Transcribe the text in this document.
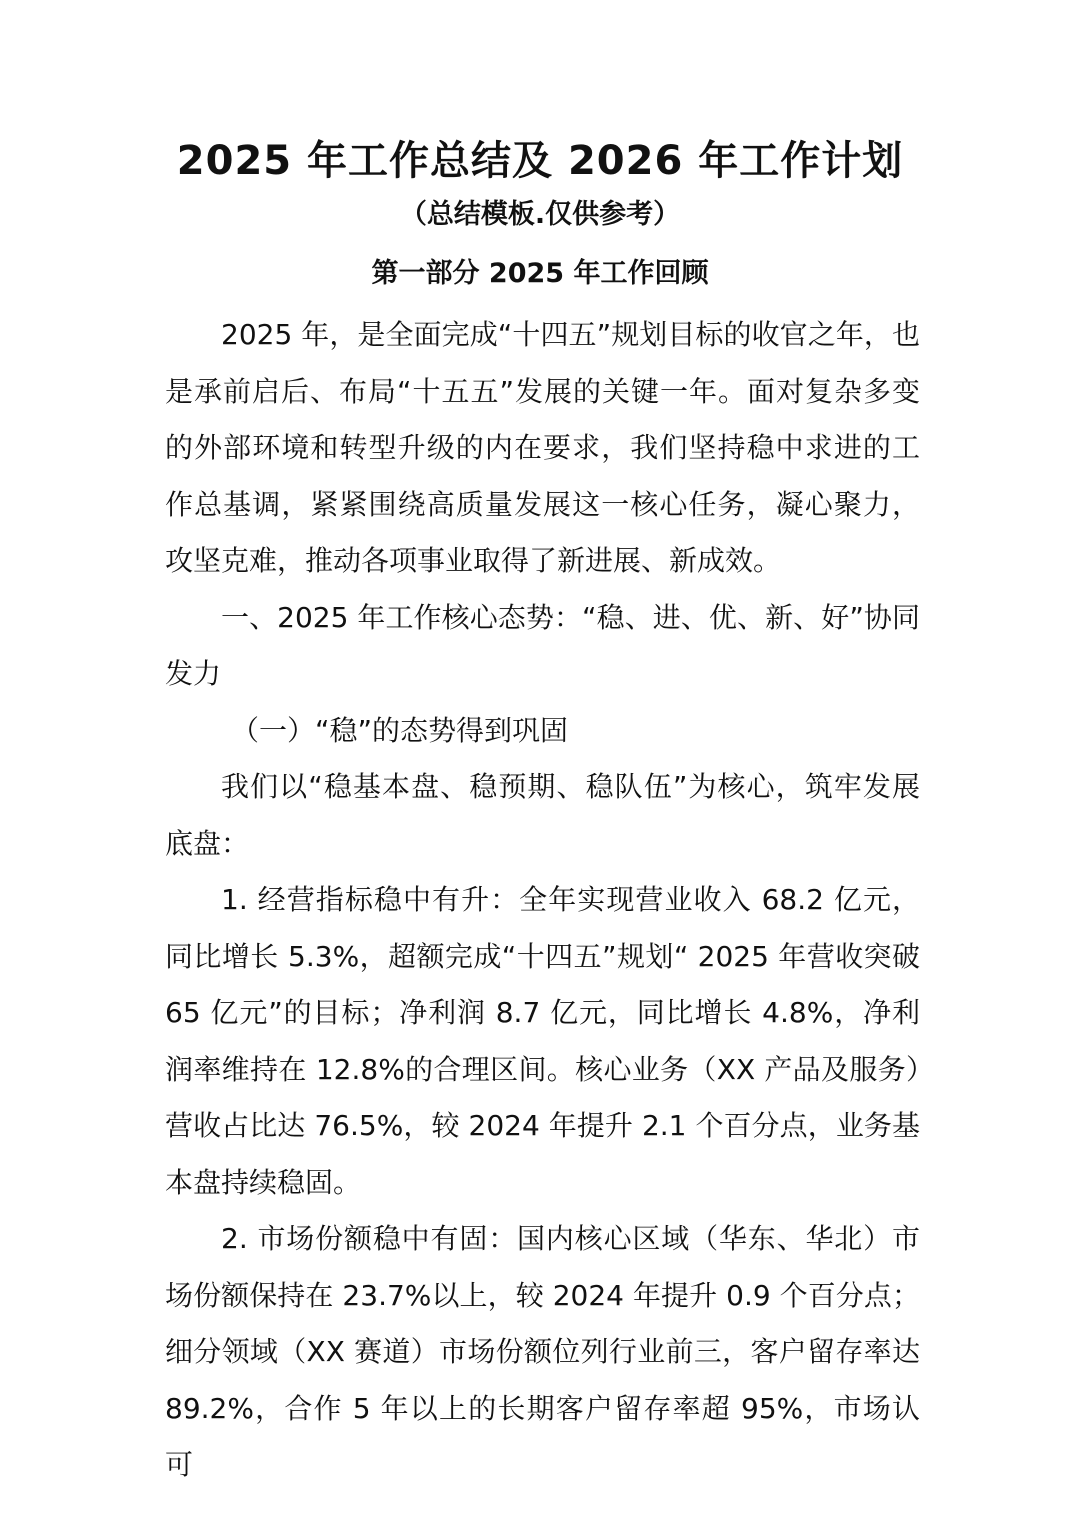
2025 年工作总结及 2026 年工作计划
（总结模板.仅供参考）
第一部分 2025 年工作回顾

2025 年，是全面完成“十四五”规划目标的收官之年，也是承前启后、布局“十五五”发展的关键一年。面对复杂多变的外部环境和转型升级的内在要求，我们坚持稳中求进的工作总基调，紧紧围绕高质量发展这一核心任务，凝心聚力，攻坚克难，推动各项事业取得了新进展、新成效。

一、2025 年工作核心态势：“稳、进、优、新、好”协同发力

（一）“稳”的态势得到巩固

我们以“稳基本盘、稳预期、稳队伍”为核心，筑牢发展底盘：

1. 经营指标稳中有升：全年实现营业收入 68.2 亿元，同比增长 5.3%，超额完成“十四五”规划“ 2025 年营收突破 65 亿元”的目标；净利润 8.7 亿元，同比增长 4.8%，净利润率维持在 12.8%的合理区间。核心业务（XX 产品及服务）营收占比达 76.5%，较 2024 年提升 2.1 个百分点，业务基本盘持续稳固。

2. 市场份额稳中有固：国内核心区域（华东、华北）市场份额保持在 23.7%以上，较 2024 年提升 0.9 个百分点；细分领域（XX 赛道）市场份额位列行业前三，客户留存率达 89.2%，合作 5 年以上的长期客户留存率超 95%，市场认可
